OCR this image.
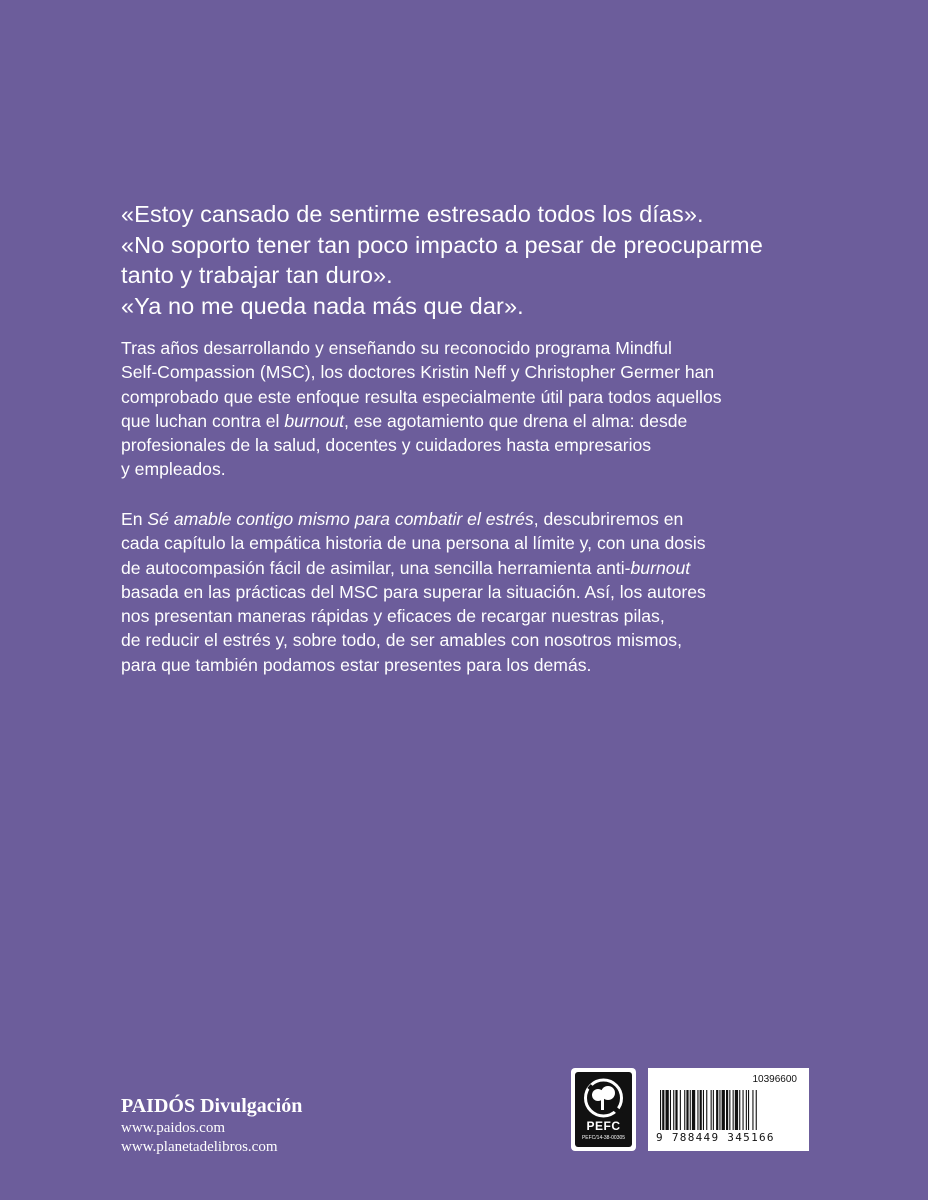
«Estoy cansado de sentirme estresado todos los días».

«No soporto tener tan poco impacto a pesar de preocuparme

tanto y trabajar tan duro».

«Ya no me queda nada más que dar».

Tras años desarrollando y enseñando su reconocido programa Mindful

Self-Compassion (MSC), los doctores Kristin Neff y Christopher Germer han

comprobado que este enfoque resulta especialmente útil para todos aquellos

que luchan contra el burnout, ese agotamiento que drena el alma: desde

profesionales de la salud, docentes y cuidadores hasta empresarios

y empleados.

En Sé amable contigo mismo para combatir el estrés, descubriremos en

cada capítulo la empática historia de una persona al límite y, con una dosis

de autocompasión fácil de asimilar, una sencilla herramienta anti-burnout

basada en las prácticas del MSC para superar la situación. Así, los autores

nos presentan maneras rápidas y eficaces de recargar nuestras pilas,

de reducir el estrés y, sobre todo, de ser amables con nosotros mismos,

para que también podamos estar presentes para los demás.

PAIDÓS Divulgación
www.paidos.com
www.planetadelibros.com
PEFC
PEFC/14-38-00305
10396600
9 788449 345166
